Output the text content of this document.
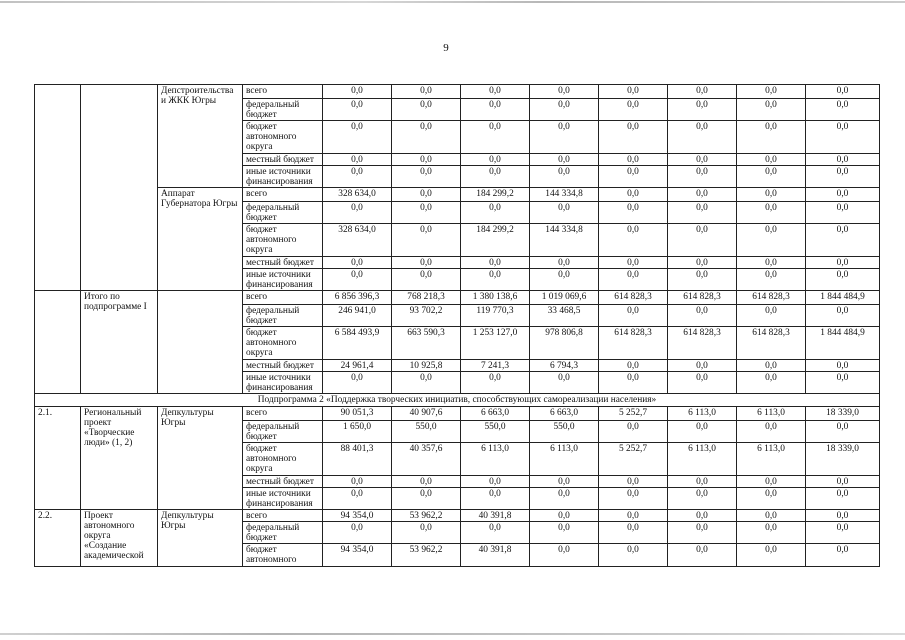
9
		Депстроительства и ЖКК Югры	всего	0,0	0,0	0,0	0,0	0,0	0,0	0,0	0,0
			федеральный бюджет	0,0	0,0	0,0	0,0	0,0	0,0	0,0	0,0
			бюджет автономного округа	0,0	0,0	0,0	0,0	0,0	0,0	0,0	0,0
			местный бюджет	0,0	0,0	0,0	0,0	0,0	0,0	0,0	0,0
			иные источники финансирования	0,0	0,0	0,0	0,0	0,0	0,0	0,0	0,0
		Аппарат Губернатора Югры	всего	328 634,0	0,0	184 299,2	144 334,8	0,0	0,0	0,0	0,0
			федеральный бюджет	0,0	0,0	0,0	0,0	0,0	0,0	0,0	0,0
			бюджет автономного округа	328 634,0	0,0	184 299,2	144 334,8	0,0	0,0	0,0	0,0
			местный бюджет	0,0	0,0	0,0	0,0	0,0	0,0	0,0	0,0
			иные источники финансирования	0,0	0,0	0,0	0,0	0,0	0,0	0,0	0,0
	Итого по подпрограмме I		всего	6 856 396,3	768 218,3	1 380 138,6	1 019 069,6	614 828,3	614 828,3	614 828,3	1 844 484,9
			федеральный бюджет	246 941,0	93 702,2	119 770,3	33 468,5	0,0	0,0	0,0	0,0
			бюджет автономного округа	6 584 493,9	663 590,3	1 253 127,0	978 806,8	614 828,3	614 828,3	614 828,3	1 844 484,9
			местный бюджет	24 961,4	10 925,8	7 241,3	6 794,3	0,0	0,0	0,0	0,0
			иные источники финансирования	0,0	0,0	0,0	0,0	0,0	0,0	0,0	0,0
Подпрограмма 2 «Поддержка творческих инициатив, способствующих самореализации населения»											
2.1.	Региональный проект «Творческие люди» (1, 2)	Депкультуры Югры	всего	90 051,3	40 907,6	6 663,0	6 663,0	5 252,7	6 113,0	6 113,0	18 339,0
			федеральный бюджет	1 650,0	550,0	550,0	550,0	0,0	0,0	0,0	0,0
			бюджет автономного округа	88 401,3	40 357,6	6 113,0	6 113,0	5 252,7	6 113,0	6 113,0	18 339,0
			местный бюджет	0,0	0,0	0,0	0,0	0,0	0,0	0,0	0,0
			иные источники финансирования	0,0	0,0	0,0	0,0	0,0	0,0	0,0	0,0
2.2.	Проект автономного округа «Создание академической	Депкультуры Югры	всего	94 354,0	53 962,2	40 391,8	0,0	0,0	0,0	0,0	0,0
			федеральный бюджет	0,0	0,0	0,0	0,0	0,0	0,0	0,0	0,0
			бюджет автономного	94 354,0	53 962,2	40 391,8	0,0	0,0	0,0	0,0	0,0
